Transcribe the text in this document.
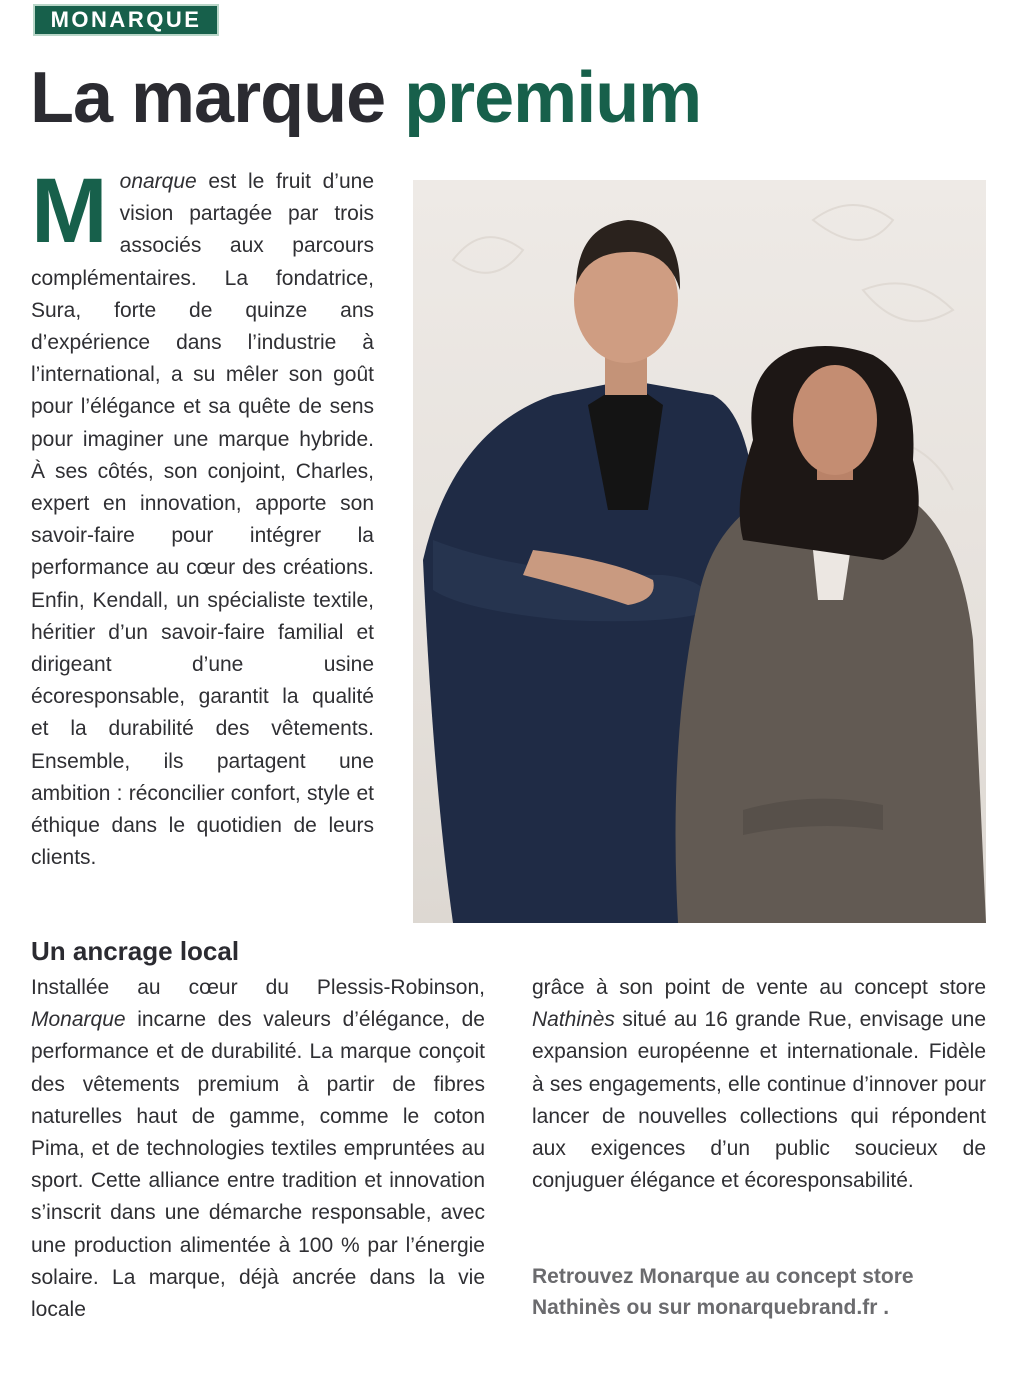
MONARQUE
La marque premium
M onarque est le fruit d’une vision partagée par trois associés aux parcours complémentaires. La fondatrice, Sura, forte de quinze ans d’expérience dans l’industrie à l’international, a su mêler son goût pour l’élégance et sa quête de sens pour imaginer une marque hybride. À ses côtés, son conjoint, Charles, expert en innovation, apporte son savoir-faire pour intégrer la performance au cœur des créations. Enfin, Kendall, un spécialiste textile, héritier d’un savoir-faire familial et dirigeant d’une usine écoresponsable, garantit la qualité et la durabilité des vêtements. Ensemble, ils partagent une ambition : réconcilier confort, style et éthique dans le quotidien de leurs clients.

Un ancrage local

Installée au cœur du Plessis-Robinson, Monarque incarne des valeurs d’élégance, de performance et de durabilité. La marque conçoit des vêtements premium à partir de fibres naturelles haut de gamme, comme le coton Pima, et de technologies textiles empruntées au sport. Cette alliance entre tradition et innovation s’inscrit dans une démarche responsable, avec une production alimentée à 100 % par l’énergie solaire. La marque, déjà ancrée dans la vie locale

grâce à son point de vente au concept store Nathinès situé au 16 grande Rue, envisage une expansion européenne et internationale. Fidèle à ses engagements, elle continue d’innover pour lancer de nouvelles collections qui répondent aux exigences d’un public soucieux de conjuguer élégance et écoresponsabilité.

Retrouvez Monarque au concept store Nathinès ou sur monarquebrand.fr .
